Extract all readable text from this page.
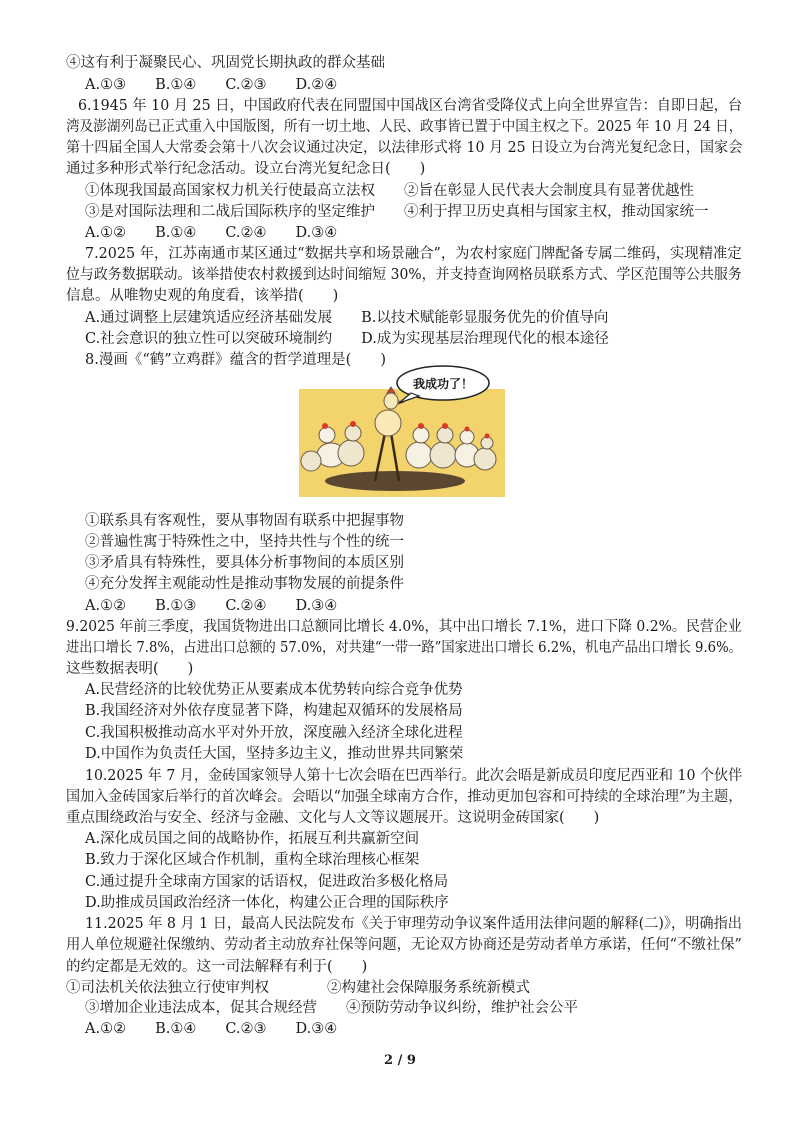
④这有利于凝聚民心、巩固党长期执政的群众基础
A.①③　　B.①④　　C.②③　　D.②④
6.1945 年 10 月 25 日，中国政府代表在同盟国中国战区台湾省受降仪式上向全世界宣告：自即日起，台
湾及澎湖列岛已正式重入中国版图，所有一切土地、人民、政事皆已置于中国主权之下。2025 年 10 月 24 日，
第十四届全国人大常委会第十八次会议通过决定，以法律形式将 10 月 25 日设立为台湾光复纪念日，国家会
通过多种形式举行纪念活动。设立台湾光复纪念日(　　)
①体现我国最高国家权力机关行使最高立法权　　②旨在彰显人民代表大会制度具有显著优越性
③是对国际法理和二战后国际秩序的坚定维护　　④利于捍卫历史真相与国家主权，推动国家统一
A.①②　　B.①④　　C.②④　　D.③④
7.2025 年，江苏南通市某区通过“数据共享和场景融合”，为农村家庭门牌配备专属二维码，实现精准定
位与政务数据联动。该举措使农村救援到达时间缩短 30%，并支持查询网格员联系方式、学区范围等公共服务
信息。从唯物史观的角度看，该举措(　　)
A.通过调整上层建筑适应经济基础发展　　B.以技术赋能彰显服务优先的价值导向
C.社会意识的独立性可以突破环境制约　　D.成为实现基层治理现代化的根本途径
8.漫画《“鹤”立鸡群》蕴含的哲学道理是(　　)
①联系具有客观性，要从事物固有联系中把握事物
②普遍性寓于特殊性之中，坚持共性与个性的统一
③矛盾具有特殊性，要具体分析事物间的本质区别
④充分发挥主观能动性是推动事物发展的前提条件
A.①②　　B.①③　　C.②④　　D.③④
9.2025 年前三季度，我国货物进出口总额同比增长 4.0%，其中出口增长 7.1%，进口下降 0.2%。民营企业
进出口增长 7.8%，占进出口总额的 57.0%，对共建“一带一路”国家进出口增长 6.2%，机电产品出口增长 9.6%。
这些数据表明(　　)
A.民营经济的比较优势正从要素成本优势转向综合竞争优势
B.我国经济对外依存度显著下降，构建起双循环的发展格局
C.我国积极推动高水平对外开放，深度融入经济全球化进程
D.中国作为负责任大国，坚持多边主义，推动世界共同繁荣
10.2025 年 7 月，金砖国家领导人第十七次会晤在巴西举行。此次会晤是新成员印度尼西亚和 10 个伙伴
国加入金砖国家后举行的首次峰会。会晤以“加强全球南方合作，推动更加包容和可持续的全球治理”为主题，
重点围绕政治与安全、经济与金融、文化与人文等议题展开。这说明金砖国家(　　)
A.深化成员国之间的战略协作，拓展互利共赢新空间
B.致力于深化区域合作机制，重构全球治理核心框架
C.通过提升全球南方国家的话语权，促进政治多极化格局
D.助推成员国政治经济一体化，构建公正合理的国际秩序
11.2025 年 8 月 1 日，最高人民法院发布《关于审理劳动争议案件适用法律问题的解释(二)》，明确指出
用人单位规避社保缴纳、劳动者主动放弃社保等问题，无论双方协商还是劳动者单方承诺，任何“不缴社保”
的约定都是无效的。这一司法解释有利于(　　)
①司法机关依法独立行使审判权　　　　②构建社会保障服务系统新模式
③增加企业违法成本，促其合规经营　　④预防劳动争议纠纷，维护社会公平
A.①②　　B.①④　　C.②③　　D.③④
我成功了！
2 / 9
